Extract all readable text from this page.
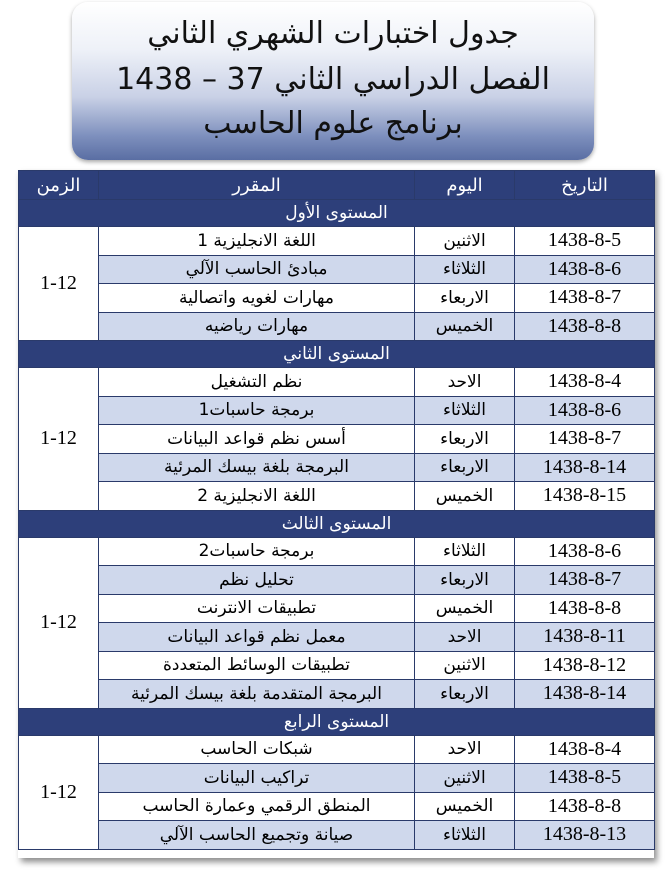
جدول اختبارات الشهري الثاني
الفصل الدراسي الثاني 37 – 1438
برنامج علوم الحاسب
التاريخ	اليوم	المقرر	الزمن
المستوى الأول			
1438-8-5	الاثنين	اللغة الانجليزية 1	1-12
1438-8-6	الثلاثاء	مبادئ الحاسب الآلي	
1438-8-7	الاربعاء	مهارات لغويه واتصالية	
1438-8-8	الخميس	مهارات رياضيه	
المستوى الثاني			
1438-8-4	الاحد	نظم التشغيل	1-12
1438-8-6	الثلاثاء	برمجة حاسبات1	
1438-8-7	الاربعاء	أسس نظم قواعد البيانات	
1438-8-14	الاربعاء	البرمجة بلغة بيسك المرئية	
1438-8-15	الخميس	اللغة الانجليزية 2	
المستوى الثالث			
1438-8-6	الثلاثاء	برمجة حاسبات2	1-12
1438-8-7	الاربعاء	تحليل نظم	
1438-8-8	الخميس	تطبيقات الانترنت	
1438-8-11	الاحد	معمل نظم قواعد البيانات	
1438-8-12	الاثنين	تطبيقات الوسائط المتعددة	
1438-8-14	الاربعاء	البرمجة المتقدمة بلغة بيسك المرئية	
المستوى الرابع			
1438-8-4	الاحد	شبكات الحاسب	1-12
1438-8-5	الاثنين	تراكيب البيانات	
1438-8-8	الخميس	المنطق الرقمي وعمارة الحاسب	
1438-8-13	الثلاثاء	صيانة وتجميع الحاسب الآلي	
